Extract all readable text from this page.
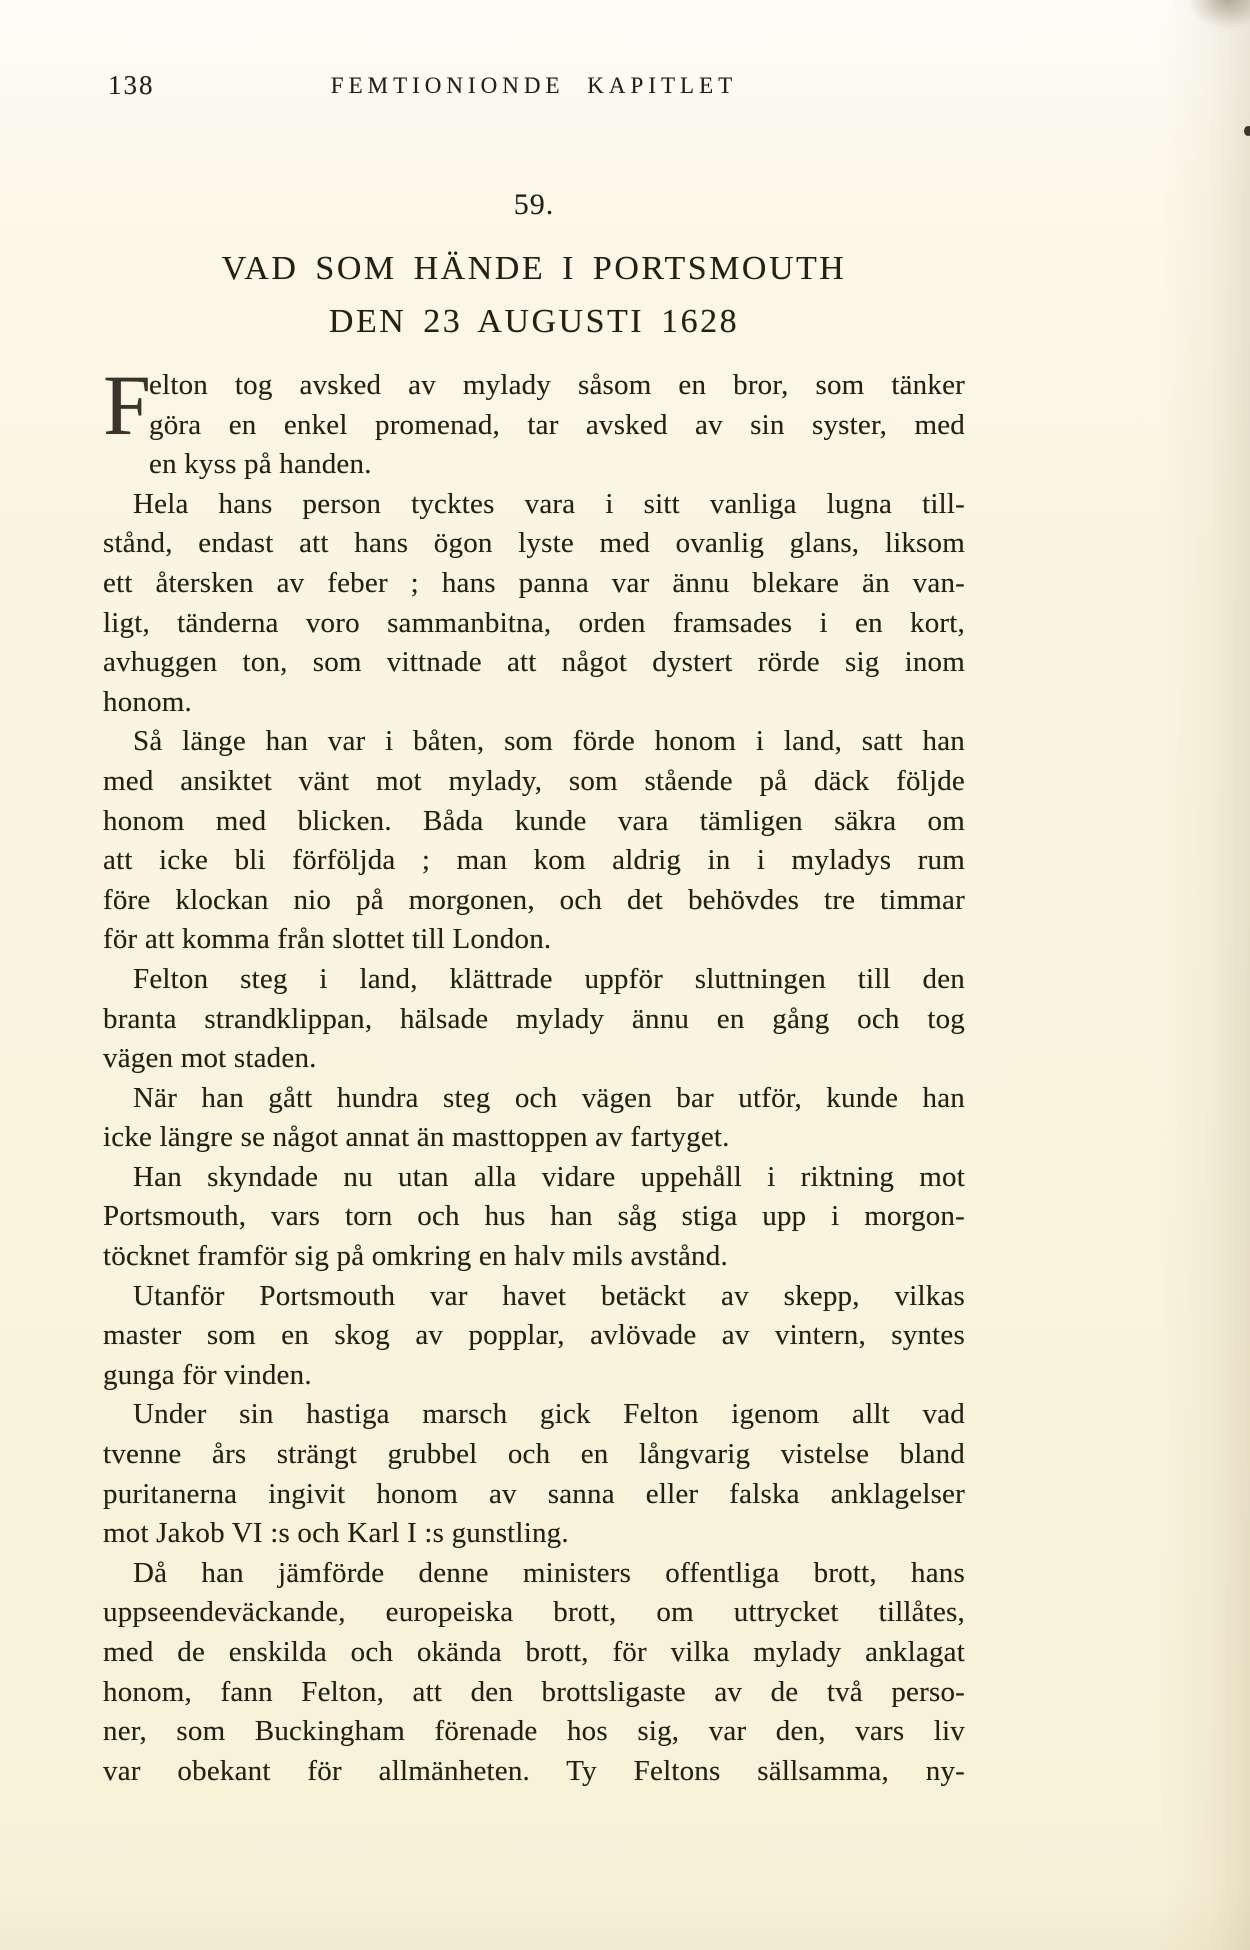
138	FEMTIONIONDE KAPITLET
59.
VAD SOM HÄNDE I PORTSMOUTH
DEN 23 AUGUSTI 1628
F
elton tog avsked av mylady såsom en bror, som tänker
göra en enkel promenad, tar avsked av sin syster, med
en kyss på handen.
Hela hans person tycktes vara i sitt vanliga lugna till-
stånd, endast att hans ögon lyste med ovanlig glans, liksom
ett återsken av feber ; hans panna var ännu blekare än van-
ligt, tänderna voro sammanbitna, orden framsades i en kort,
avhuggen ton, som vittnade att något dystert rörde sig inom
honom.
Så länge han var i båten, som förde honom i land, satt han
med ansiktet vänt mot mylady, som stående på däck följde
honom med blicken. Båda kunde vara tämligen säkra om
att icke bli förföljda ; man kom aldrig in i myladys rum
före klockan nio på morgonen, och det behövdes tre timmar
för att komma från slottet till London.
Felton steg i land, klättrade uppför sluttningen till den
branta strandklippan, hälsade mylady ännu en gång och tog
vägen mot staden.
När han gått hundra steg och vägen bar utför, kunde han
icke längre se något annat än masttoppen av fartyget.
Han skyndade nu utan alla vidare uppehåll i riktning mot
Portsmouth, vars torn och hus han såg stiga upp i morgon-
töcknet framför sig på omkring en halv mils avstånd.
Utanför Portsmouth var havet betäckt av skepp, vilkas
master som en skog av popplar, avlövade av vintern, syntes
gunga för vinden.
Under sin hastiga marsch gick Felton igenom allt vad
tvenne års strängt grubbel och en långvarig vistelse bland
puritanerna ingivit honom av sanna eller falska anklagelser
mot Jakob VI :s och Karl I :s gunstling.
Då han jämförde denne ministers offentliga brott, hans
uppseendeväckande, europeiska brott, om uttrycket tillåtes,
med de enskilda och okända brott, för vilka mylady anklagat
honom, fann Felton, att den brottsligaste av de två perso-
ner, som Buckingham förenade hos sig, var den, vars liv
var obekant för allmänheten. Ty Feltons sällsamma, ny-
